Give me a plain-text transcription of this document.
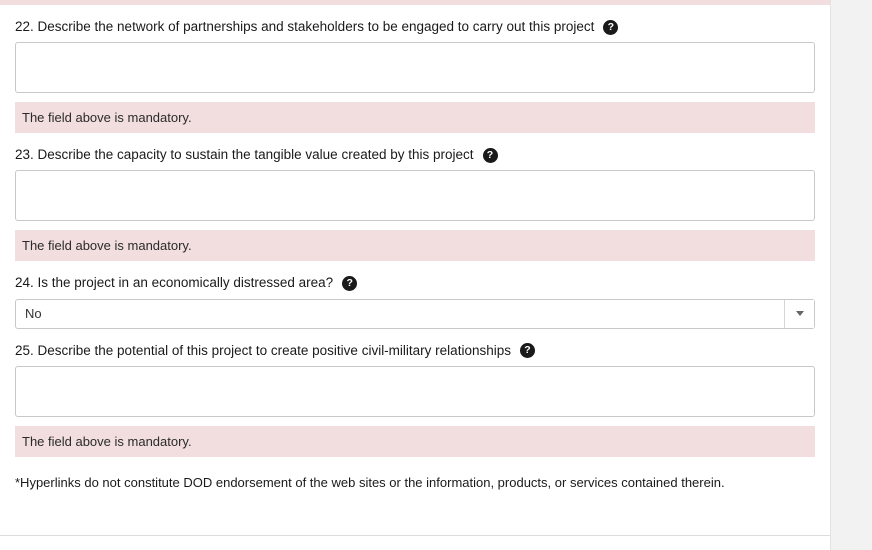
22. Describe the network of partnerships and stakeholders to be engaged to carry out this project	?
The field above is mandatory.
23. Describe the capacity to sustain the tangible value created by this project	?
The field above is mandatory.
24. Is the project in an economically distressed area?	?
No
25. Describe the potential of this project to create positive civil-military relationships	?
The field above is mandatory.
*Hyperlinks do not constitute DOD endorsement of the web sites or the information, products, or services contained therein.
